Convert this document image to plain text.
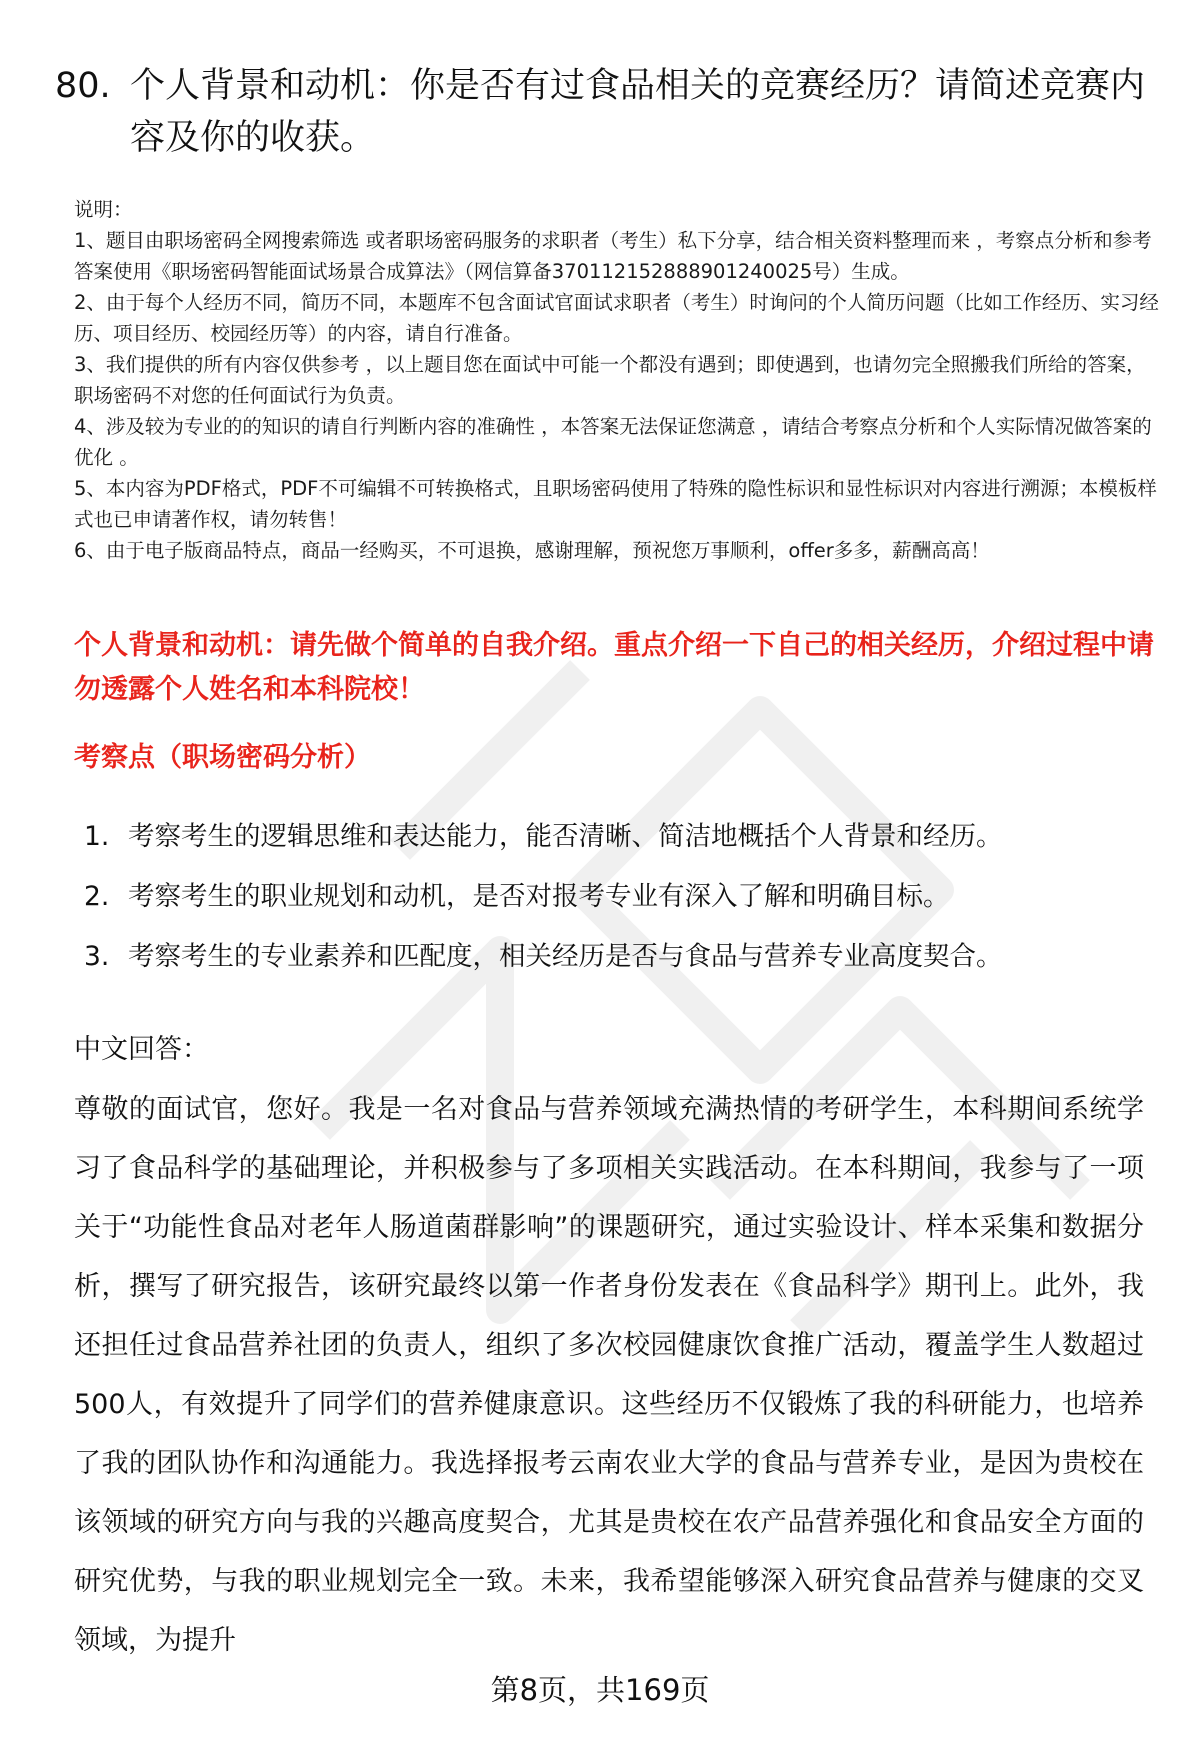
80. 个人背景和动机：你是否有过食品相关的竞赛经历？请简述竞赛内容及你的收获。

说明：

1、题目由职场密码全网搜索筛选 或者职场密码服务的求职者（考生）私下分享，结合相关资料整理而来 ，考察点分析和参考答案使用《职场密码智能面试场景合成算法》（网信算备370112152888901240025号）生成。

2、由于每个人经历不同，简历不同，本题库不包含面试官面试求职者（考生）时询问的个人简历问题（比如工作经历、实习经历、项目经历、校园经历等）的内容，请自行准备。

3、我们提供的所有内容仅供参考 ，以上题目您在面试中可能一个都没有遇到；即使遇到，也请勿完全照搬我们所给的答案，职场密码不对您的任何面试行为负责。

4、涉及较为专业的的知识的请自行判断内容的准确性 ，本答案无法保证您满意 ，请结合考察点分析和个人实际情况做答案的优化 。

5、本内容为PDF格式，PDF不可编辑不可转换格式，且职场密码使用了特殊的隐性标识和显性标识对内容进行溯源；本模板样式也已申请著作权，请勿转售！

6、由于电子版商品特点，商品一经购买，不可退换，感谢理解，预祝您万事顺利，offer多多，薪酬高高！

个人背景和动机：请先做个简单的自我介绍。重点介绍一下自己的相关经历，介绍过程中请勿透露个人姓名和本科院校！
考察点（职场密码分析）
1. 考察考生的逻辑思维和表达能力，能否清晰、简洁地概括个人背景和经历。
2. 考察考生的职业规划和动机，是否对报考专业有深入了解和明确目标。
3. 考察考生的专业素养和匹配度，相关经历是否与食品与营养专业高度契合。
中文回答：
尊敬的面试官，您好。我是一名对食品与营养领域充满热情的考研学生，本科期间系统学习了食品科学的基础理论，并积极参与了多项相关实践活动。在本科期间，我参与了一项关于“功能性食品对老年人肠道菌群影响”的课题研究，通过实验设计、样本采集和数据分析，撰写了研究报告，该研究最终以第一作者身份发表在《食品科学》期刊上。此外，我还担任过食品营养社团的负责人，组织了多次校园健康饮食推广活动，覆盖学生人数超过500人，有效提升了同学们的营养健康意识。这些经历不仅锻炼了我的科研能力，也培养了我的团队协作和沟通能力。我选择报考云南农业大学的食品与营养专业，是因为贵校在该领域的研究方向与我的兴趣高度契合，尤其是贵校在农产品营养强化和食品安全方面的研究优势，与我的职业规划完全一致。未来，我希望能够深入研究食品营养与健康的交叉领域，为提升
第8页，共169页
